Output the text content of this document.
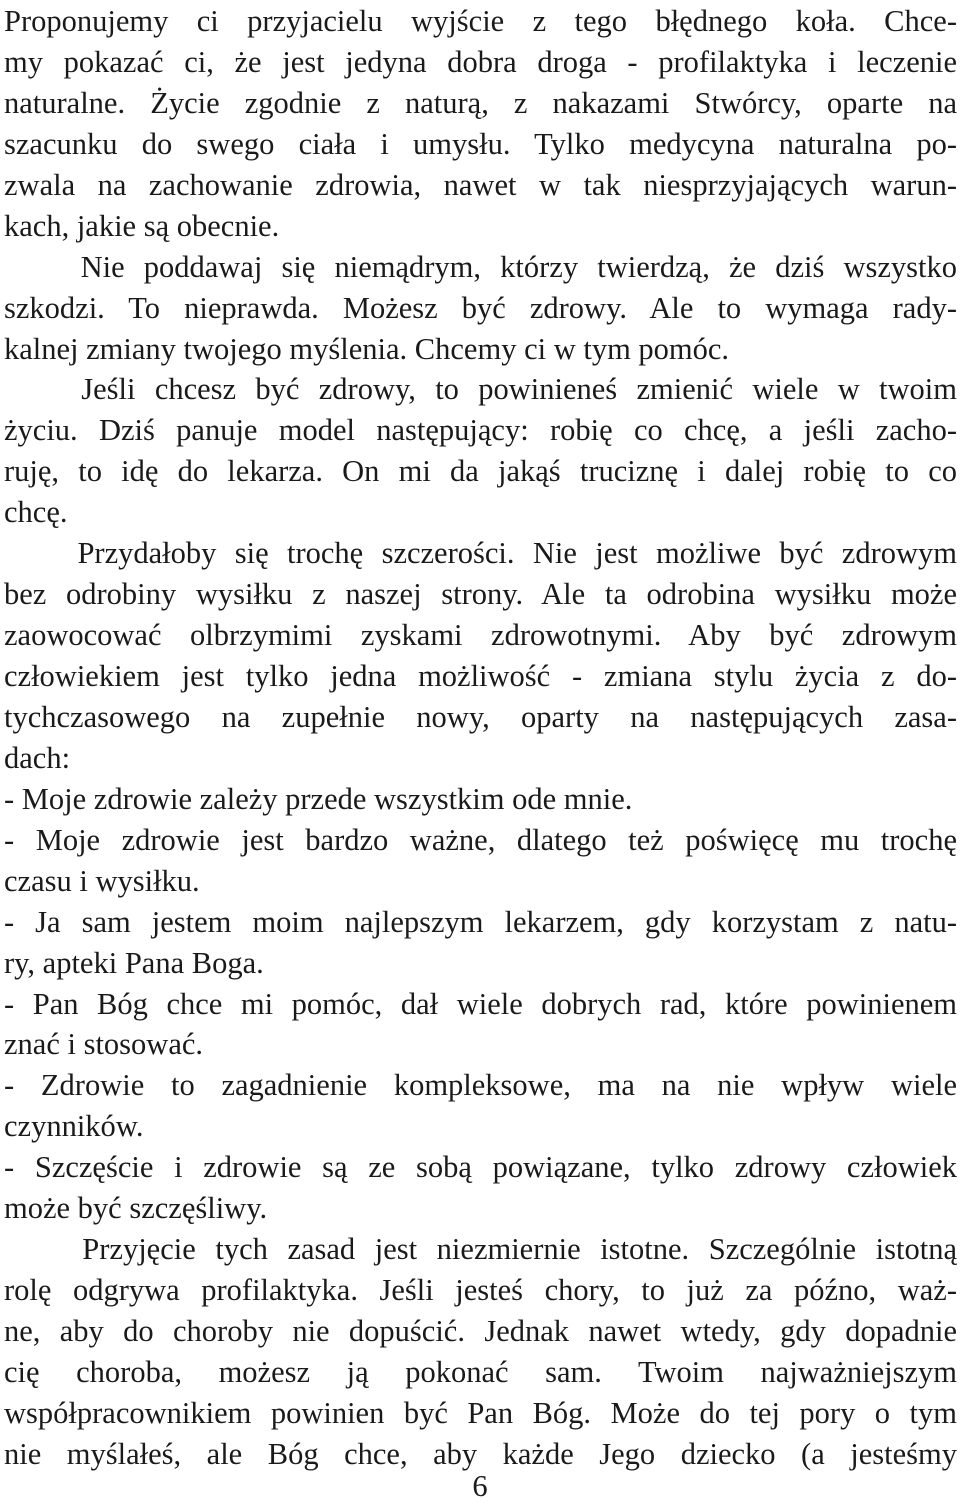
Proponujemy ci przyjacielu wyjście z tego błędnego koła. Chce-
my pokazać ci, że jest jedyna dobra droga - profilaktyka i leczenie
naturalne. Życie zgodnie z naturą, z nakazami Stwórcy, oparte na
szacunku do swego ciała i umysłu. Tylko medycyna naturalna po-
zwala na zachowanie zdrowia, nawet w tak niesprzyjających warun-
kach, jakie są obecnie.
Nie poddawaj się niemądrym, którzy twierdzą, że dziś wszystko
szkodzi. To nieprawda. Możesz być zdrowy. Ale to wymaga rady-
kalnej zmiany twojego myślenia. Chcemy ci w tym pomóc.
Jeśli chcesz być zdrowy, to powinieneś zmienić wiele w twoim
życiu. Dziś panuje model następujący: robię co chcę, a jeśli zacho-
ruję, to idę do lekarza. On mi da jakąś truciznę i dalej robię to co
chcę.
Przydałoby się trochę szczerości. Nie jest możliwe być zdrowym
bez odrobiny wysiłku z naszej strony. Ale ta odrobina wysiłku może
zaowocować olbrzymimi zyskami zdrowotnymi. Aby być zdrowym
człowiekiem jest tylko jedna możliwość - zmiana stylu życia z do-
tychczasowego na zupełnie nowy, oparty na następujących zasa-
dach:
- Moje zdrowie zależy przede wszystkim ode mnie.
- Moje zdrowie jest bardzo ważne, dlatego też poświęcę mu trochę
czasu i wysiłku.
- Ja sam jestem moim najlepszym lekarzem, gdy korzystam z natu-
ry, apteki Pana Boga.
- Pan Bóg chce mi pomóc, dał wiele dobrych rad, które powinienem
znać i stosować.
- Zdrowie to zagadnienie kompleksowe, ma na nie wpływ wiele
czynników.
- Szczęście i zdrowie są ze sobą powiązane, tylko zdrowy człowiek
może być szczęśliwy.
Przyjęcie tych zasad jest niezmiernie istotne. Szczególnie istotną
rolę odgrywa profilaktyka. Jeśli jesteś chory, to już za późno, waż-
ne, aby do choroby nie dopuścić. Jednak nawet wtedy, gdy dopadnie
cię choroba, możesz ją pokonać sam. Twoim najważniejszym
współpracownikiem powinien być Pan Bóg. Może do tej pory o tym
nie myślałeś, ale Bóg chce, aby każde Jego dziecko (a jesteśmy
6
